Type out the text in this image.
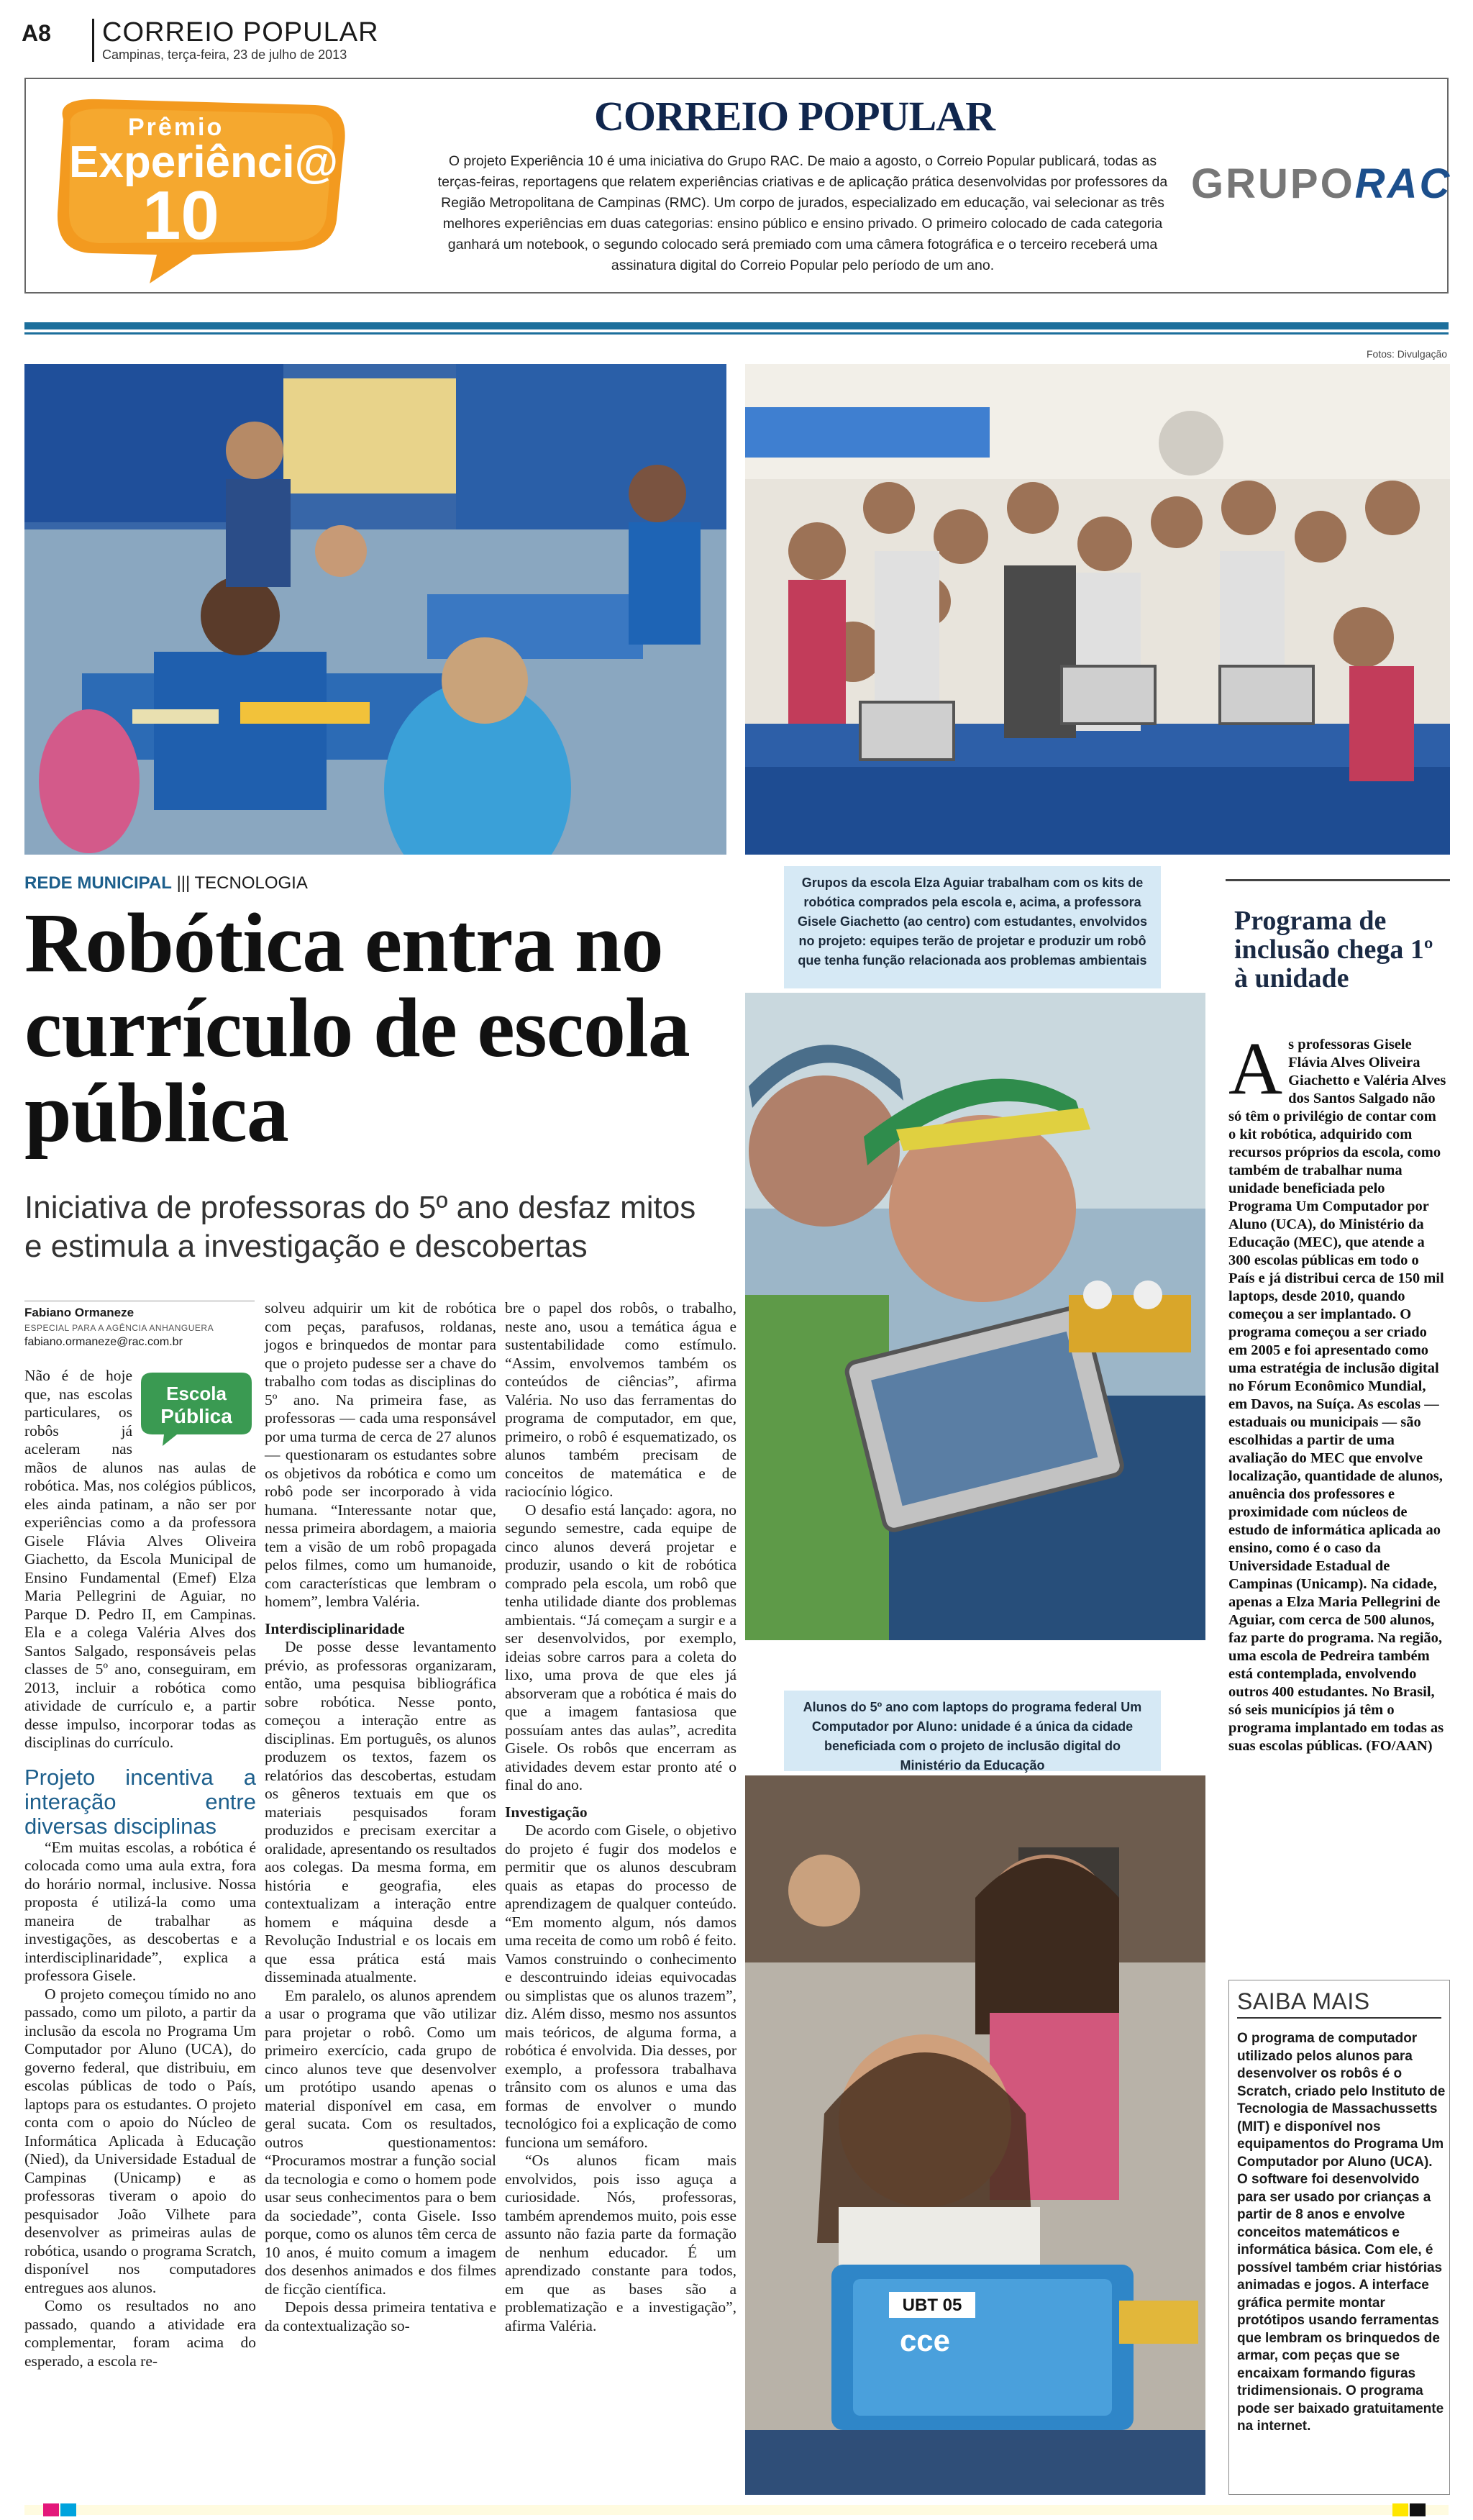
A8 CORREIO POPULAR
Campinas, terça-feira, 23 de julho de 2013
Prêmio
Experiênci@
10
CORREIO POPULAR
O projeto Experiência 10 é uma iniciativa do Grupo RAC. De maio a agosto, o Correio Popular publicará, todas as terças-feiras, reportagens que relatem experiências criativas e de aplicação prática desenvolvidas por professores da Região Metropolitana de Campinas (RMC). Um corpo de jurados, especializado em educação, vai selecionar as três melhores experiências em duas categorias: ensino público e ensino privado. O primeiro colocado de cada categoria ganhará um notebook, o segundo colocado será premiado com uma câmera fotográfica e o terceiro receberá uma assinatura digital do Correio Popular pelo período de um ano.
GRUPORAC
Fotos: Divulgação
Grupos da escola Elza Aguiar trabalham com os kits de robótica comprados pela escola e, acima, a professora Gisele Giachetto (ao centro) com estudantes, envolvidos no projeto: equipes terão de projetar e produzir um robô que tenha função relacionada aos problemas ambientais
Alunos do 5º ano com laptops do programa federal Um Computador por Aluno: unidade é a única da cidade beneficiada com o projeto de inclusão digital do Ministério da Educação
UBT 05
cce
REDE MUNICIPAL ||| TECNOLOGIA
Robótica entra no currículo de escola pública
Iniciativa de professoras do 5º ano desfaz mitos e estimula a investigação e descobertas
Fabiano Ormaneze
ESPECIAL PARA A AGÊNCIA ANHANGUERA
fabiano.ormaneze@rac.com.br
Escola
Pública

Não é de hoje que, nas escolas particulares, os robôs já aceleram nas mãos de alunos nas aulas de robótica. Mas, nos colégios públicos, eles ainda patinam, a não ser por experiências como a da professora Gisele Flávia Alves Oliveira Giachetto, da Escola Municipal de Ensino Fundamental (Emef) Elza Maria Pellegrini de Aguiar, no Parque D. Pedro II, em Campinas. Ela e a colega Valéria Alves dos Santos Salgado, responsáveis pelas classes de 5º ano, conseguiram, em 2013, incluir a robótica como atividade de currículo e, a partir desse impulso, incorporar todas as disciplinas do currículo.

Projeto incentiva a interação entre diversas disciplinas

“Em muitas escolas, a robótica é colocada como uma aula extra, fora do horário normal, inclusive. Nossa proposta é utilizá-la como uma maneira de trabalhar as investigações, as descobertas e a interdisciplinaridade”, explica a professora Gisele.

O projeto começou tímido no ano passado, como um piloto, a partir da inclusão da escola no Programa Um Computador por Aluno (UCA), do governo federal, que distribuiu, em escolas públicas de todo o País, laptops para os estudantes. O projeto conta com o apoio do Núcleo de Informática Aplicada à Educação (Nied), da Universidade Estadual de Campinas (Unicamp) e as professoras tiveram o apoio do pesquisador João Vilhete para desenvolver as primeiras aulas de robótica, usando o programa Scratch, disponível nos computadores entregues aos alunos.

Como os resultados no ano passado, quando a atividade era complementar, foram acima do esperado, a escola re-

solveu adquirir um kit de robótica com peças, parafusos, roldanas, jogos e brinquedos de montar para que o projeto pudesse ser a chave do trabalho com todas as disciplinas do 5º ano. Na primeira fase, as professoras — cada uma responsável por uma turma de cerca de 27 alunos — questionaram os estudantes sobre os objetivos da robótica e como um robô pode ser incorporado à vida humana. “Interessante notar que, nessa primeira abordagem, a maioria tem a visão de um robô propagada pelos filmes, como um humanoide, com características que lembram o homem”, lembra Valéria.

Interdisciplinaridade

De posse desse levantamento prévio, as professoras organizaram, então, uma pesquisa bibliográfica sobre robótica. Nesse ponto, começou a interação entre as disciplinas. Em português, os alunos produzem os textos, fazem os relatórios das descobertas, estudam os gêneros textuais em que os materiais pesquisados foram produzidos e precisam exercitar a oralidade, apresentando os resultados aos colegas. Da mesma forma, em história e geografia, eles contextualizam a interação entre homem e máquina desde a Revolução Industrial e os locais em que essa prática está mais disseminada atualmente.

Em paralelo, os alunos aprendem a usar o programa que vão utilizar para projetar o robô. Como um primeiro exercício, cada grupo de cinco alunos teve que desenvolver um protótipo usando apenas o material disponível em casa, em geral sucata. Com os resultados, outros questionamentos: “Procuramos mostrar a função social da tecnologia e como o homem pode usar seus conhecimentos para o bem da sociedade”, conta Gisele. Isso porque, como os alunos têm cerca de 10 anos, é muito comum a imagem dos desenhos animados e dos filmes de ficção científica.

Depois dessa primeira tentativa e da contextualização so-

bre o papel dos robôs, o trabalho, neste ano, usou a temática água e sustentabilidade como estímulo. “Assim, envolvemos também os conteúdos de ciências”, afirma Valéria. No uso das ferramentas do programa de computador, em que, primeiro, o robô é esquematizado, os alunos também precisam de conceitos de matemática e de raciocínio lógico.

O desafio está lançado: agora, no segundo semestre, cada equipe de cinco alunos deverá projetar e produzir, usando o kit de robótica comprado pela escola, um robô que tenha utilidade diante dos problemas ambientais. “Já começam a surgir e a ser desenvolvidos, por exemplo, ideias sobre carros para a coleta do lixo, uma prova de que eles já absorveram que a robótica é mais do que a imagem fantasiosa que possuíam antes das aulas”, acredita Gisele. Os robôs que encerram as atividades devem estar pronto até o final do ano.

Investigação

De acordo com Gisele, o objetivo do projeto é fugir dos modelos e permitir que os alunos descubram quais as etapas do processo de aprendizagem de qualquer conteúdo. “Em momento algum, nós damos uma receita de como um robô é feito. Vamos construindo o conhecimento e descontruindo ideias equivocadas ou simplistas que os alunos trazem”, diz. Além disso, mesmo nos assuntos mais teóricos, de alguma forma, a robótica é envolvida. Dia desses, por exemplo, a professora trabalhava trânsito com os alunos e uma das formas de envolver o mundo tecnológico foi a explicação de como funciona um semáforo.

“Os alunos ficam mais envolvidos, pois isso aguça a curiosidade. Nós, professoras, também aprendemos muito, pois esse assunto não fazia parte da formação de nenhum educador. É um aprendizado constante para todos, em que as bases são a problematização e a investigação”, afirma Valéria.

Programa de inclusão chega 1º à unidade
As professoras Gisele Flávia Alves Oliveira Giachetto e Valéria Alves dos Santos Salgado não só têm o privilégio de contar com o kit robótica, adquirido com recursos próprios da escola, como também de trabalhar numa unidade beneficiada pelo Programa Um Computador por Aluno (UCA), do Ministério da Educação (MEC), que atende a 300 escolas públicas em todo o País e já distribui cerca de 150 mil laptops, desde 2010, quando começou a ser implantado. O programa começou a ser criado em 2005 e foi apresentado como uma estratégia de inclusão digital no Fórum Econômico Mundial, em Davos, na Suíça. As escolas — estaduais ou municipais — são escolhidas a partir de uma avaliação do MEC que envolve localização, quantidade de alunos, anuência dos professores e proximidade com núcleos de estudo de informática aplicada ao ensino, como é o caso da Universidade Estadual de Campinas (Unicamp). Na cidade, apenas a Elza Maria Pellegrini de Aguiar, com cerca de 500 alunos, faz parte do programa. Na região, uma escola de Pedreira também está contemplada, envolvendo outros 400 estudantes. No Brasil, só seis municípios já têm o programa implantado em todas as suas escolas públicas. (FO/AAN)
SAIBA MAIS
O programa de computador utilizado pelos alunos para desenvolver os robôs é o Scratch, criado pelo Instituto de Tecnologia de Massachussetts (MIT) e disponível nos equipamentos do Programa Um Computador por Aluno (UCA). O software foi desenvolvido para ser usado por crianças a partir de 8 anos e envolve conceitos matemáticos e informática básica. Com ele, é possível também criar histórias animadas e jogos. A interface gráfica permite montar protótipos usando ferramentas que lembram os brinquedos de armar, com peças que se encaixam formando figuras tridimensionais. O programa pode ser baixado gratuitamente na internet.
